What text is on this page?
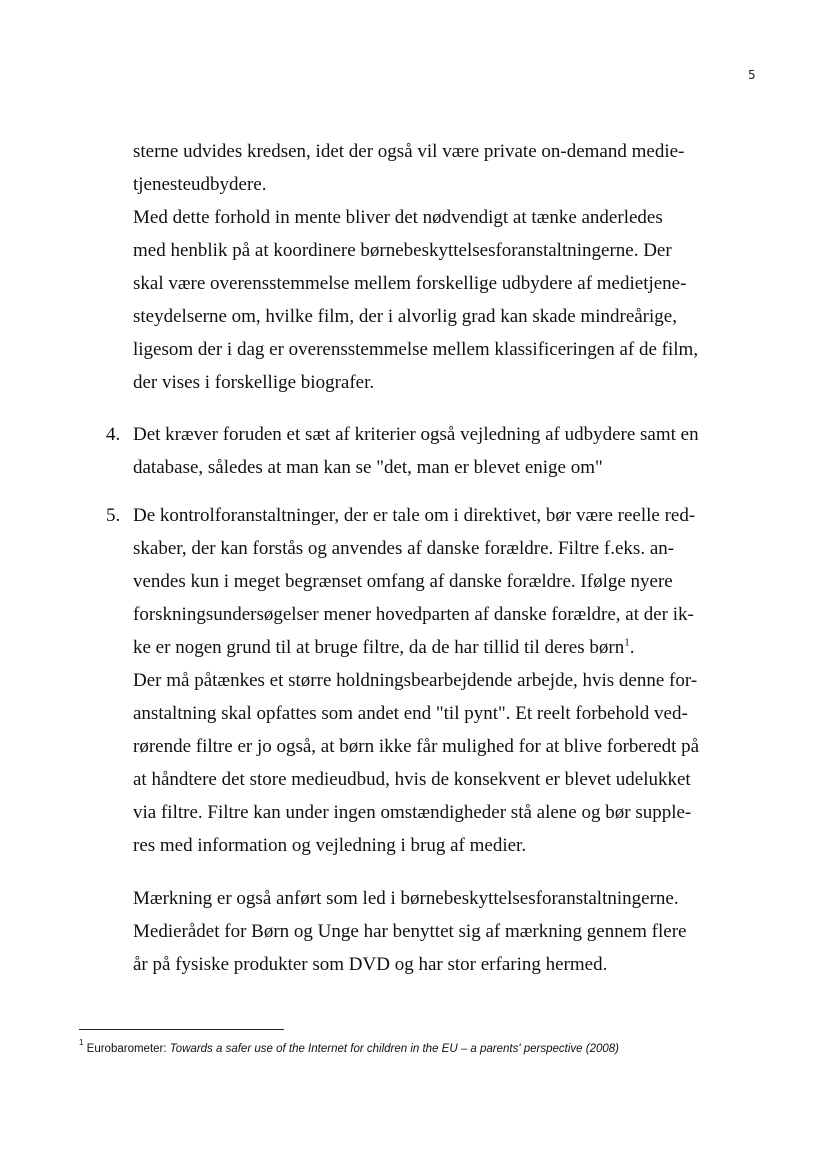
5
sterne udvides kredsen, idet der også vil være private on-demand medie-
tjenesteudbydere.
Med dette forhold in mente bliver det nødvendigt at tænke anderledes
med henblik på at koordinere børnebeskyttelsesforanstaltningerne. Der
skal være overensstemmelse mellem forskellige udbydere af medietjene-
steydelserne om, hvilke film, der i alvorlig grad kan skade mindreårige,
ligesom der i dag er overensstemmelse mellem klassificeringen af de film,
der vises i forskellige biografer.
4. Det kræver foruden et sæt af kriterier også vejledning af udbydere samt en
database, således at man kan se "det, man er blevet enige om"
5. De kontrolforanstaltninger, der er tale om i direktivet, bør være reelle red-
skaber, der kan forstås og anvendes af danske forældre. Filtre f.eks. an-
vendes kun i meget begrænset omfang af danske forældre. Ifølge nyere
forskningsundersøgelser mener hovedparten af danske forældre, at der ik-
ke er nogen grund til at bruge filtre, da de har tillid til deres børn$^1$.
Der må påtænkes et større holdningsbearbejdende arbejde, hvis denne for-
anstaltning skal opfattes som andet end "til pynt". Et reelt forbehold ved-
rørende filtre er jo også, at børn ikke får mulighed for at blive forberedt på
at håndtere det store medieudbud, hvis de konsekvent er blevet udelukket
via filtre. Filtre kan under ingen omstændigheder stå alene og bør supple-
res med information og vejledning i brug af medier.
Mærkning er også anført som led i børnebeskyttelsesforanstaltningerne.
Medierådet for Børn og Unge har benyttet sig af mærkning gennem flere
år på fysiske produkter som DVD og har stor erfaring hermed.
$^1$ Eurobarometer: Towards a safer use of the Internet for children in the EU – a parents' perspective (2008)
